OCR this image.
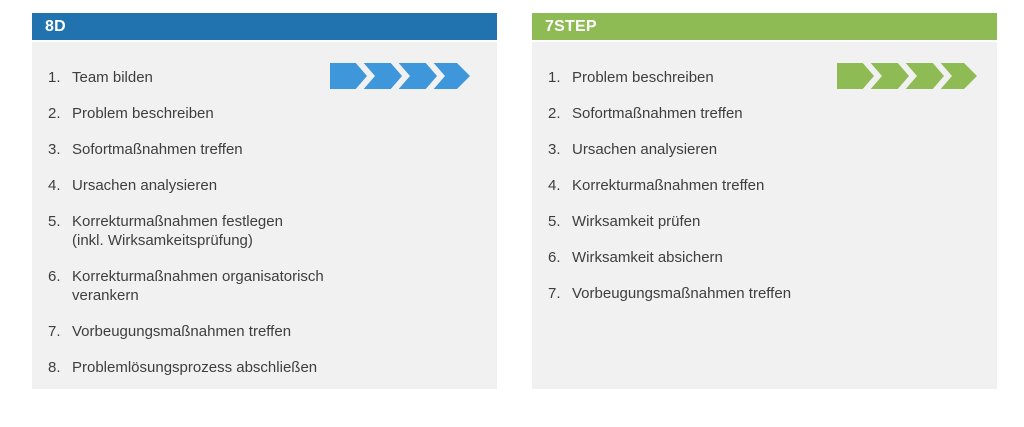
8D
1. Team bilden
2. Problem beschreiben
3. Sofortmaßnahmen treffen
4. Ursachen analysieren
5. Korrekturmaßnahmen festlegen
(inkl. Wirksamkeitsprüfung)
6. Korrekturmaßnahmen organisatorisch
verankern
7. Vorbeugungsmaßnahmen treffen
8. Problemlösungsprozess abschließen
7STEP
1. Problem beschreiben
2. Sofortmaßnahmen treffen
3. Ursachen analysieren
4. Korrekturmaßnahmen treffen
5. Wirksamkeit prüfen
6. Wirksamkeit absichern
7. Vorbeugungsmaßnahmen treffen
